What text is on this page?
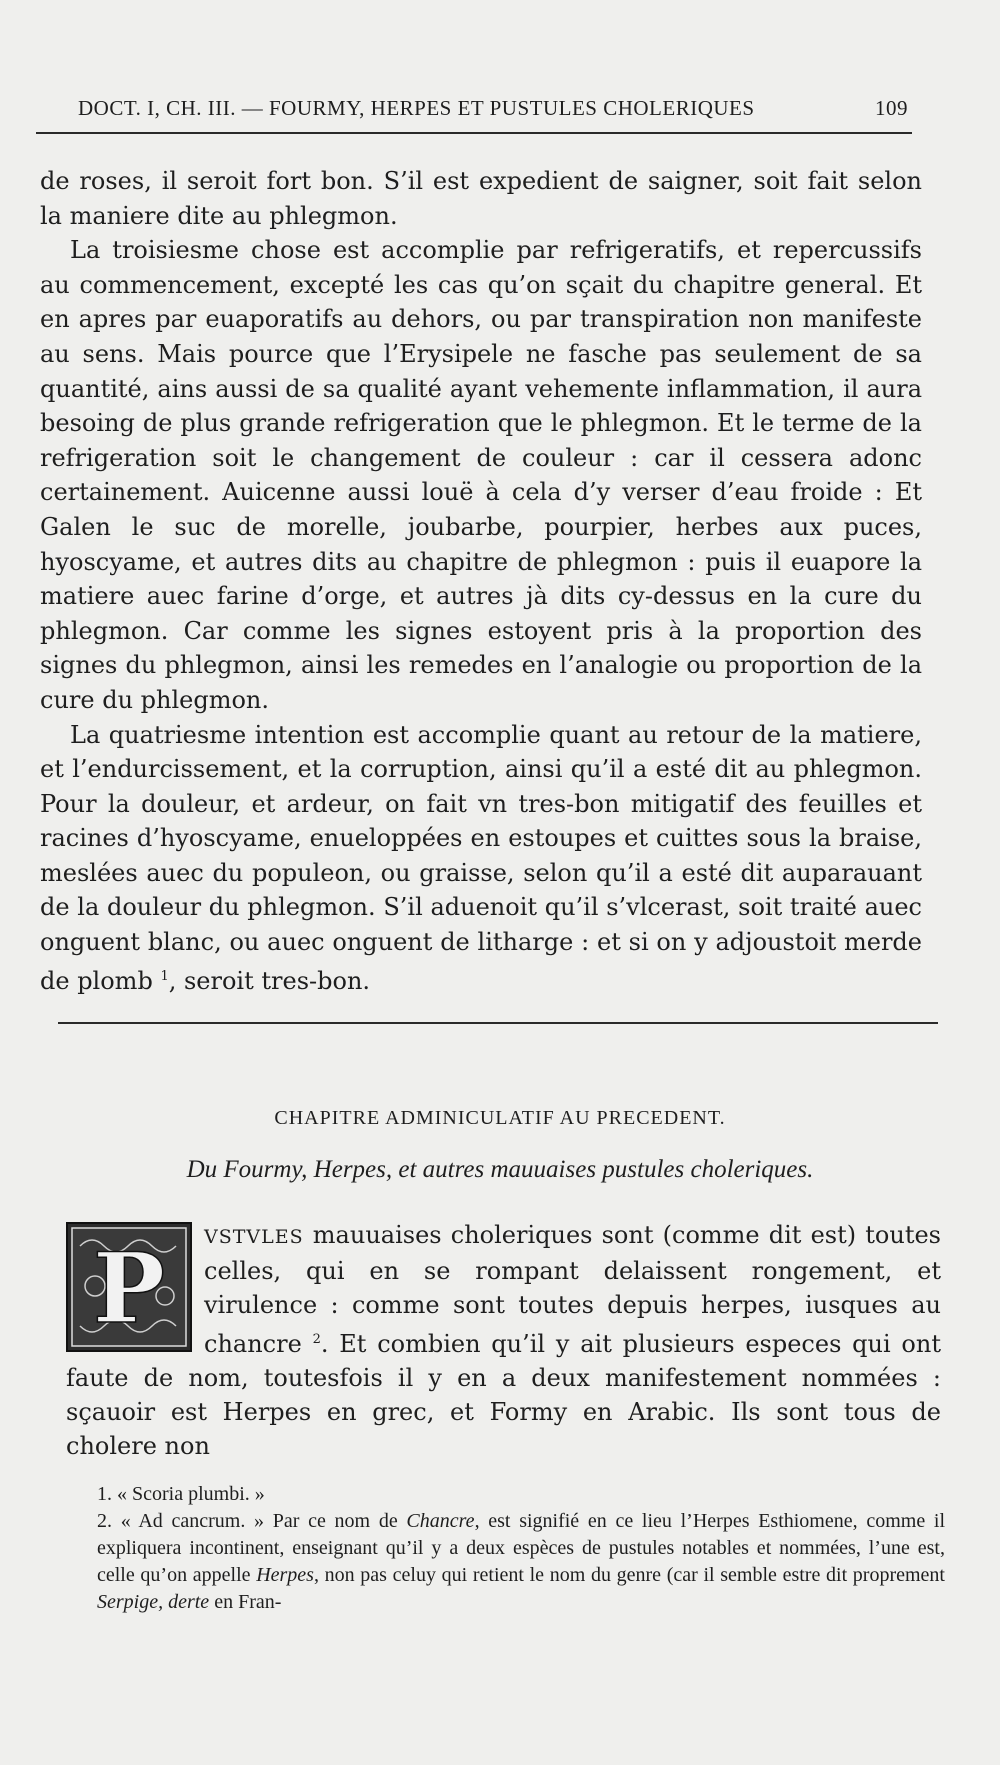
DOCT. I, CH. III. — FOURMY, HERPES ET PUSTULES CHOLERIQUES	109

de roses, il seroit fort bon. S’il est expedient de saigner, soit fait selon la maniere dite au phlegmon.

La troisiesme chose est accomplie par refrigeratifs, et repercussifs au commencement, excepté les cas qu’on sçait du chapitre general. Et en apres par euaporatifs au dehors, ou par transpiration non manifeste au sens. Mais pource que l’Erysipele ne fasche pas seulement de sa quantité, ains aussi de sa qualité ayant vehemente inflammation, il aura besoing de plus grande refrigeration que le phlegmon. Et le terme de la refrigeration soit le changement de couleur : car il cessera adonc certainement. Auicenne aussi louë à cela d’y verser d’eau froide : Et Galen le suc de morelle, joubarbe, pourpier, herbes aux puces, hyoscyame, et autres dits au chapitre de phlegmon : puis il euapore la matiere auec farine d’orge, et autres jà dits cy-dessus en la cure du phlegmon. Car comme les signes estoyent pris à la proportion des signes du phlegmon, ainsi les remedes en l’analogie ou proportion de la cure du phlegmon.

La quatriesme intention est accomplie quant au retour de la matiere, et l’endurcissement, et la corruption, ainsi qu’il a esté dit au phlegmon. Pour la douleur, et ardeur, on fait vn tres-bon mitigatif des feuilles et racines d’hyoscyame, enueloppées en estoupes et cuittes sous la braise, meslées auec du populeon, ou graisse, selon qu’il a esté dit auparauant de la douleur du phlegmon. S’il aduenoit qu’il s’vlcerast, soit traité auec onguent blanc, ou auec onguent de litharge : et si on y adjoustoit merde de plomb $^1$, seroit tres-bon.

CHAPITRE ADMINICULATIF AU PRECEDENT.
Du Fourmy, Herpes, et autres mauuaises pustules choleriques.
P VSTVLES mauuaises choleriques sont (comme dit est) toutes celles, qui en se rompant delaissent rongement, et virulence : comme sont toutes depuis herpes, iusques au chancre $^2$. Et combien qu’il y ait plusieurs especes qui ont faute de nom, toutesfois il y en a deux manifestement nommées : sçauoir est Herpes en grec, et Formy en Arabic. Ils sont tous de cholere non

1. « Scoria plumbi. »

2. « Ad cancrum. » Par ce nom de Chancre, est signifié en ce lieu l’Herpes Esthiomene, comme il expliquera incontinent, enseignant qu’il y a deux espèces de pustules notables et nommées, l’une est, celle qu’on appelle Herpes, non pas celuy qui retient le nom du genre (car il semble estre dit proprement Serpige, derte en Fran-
